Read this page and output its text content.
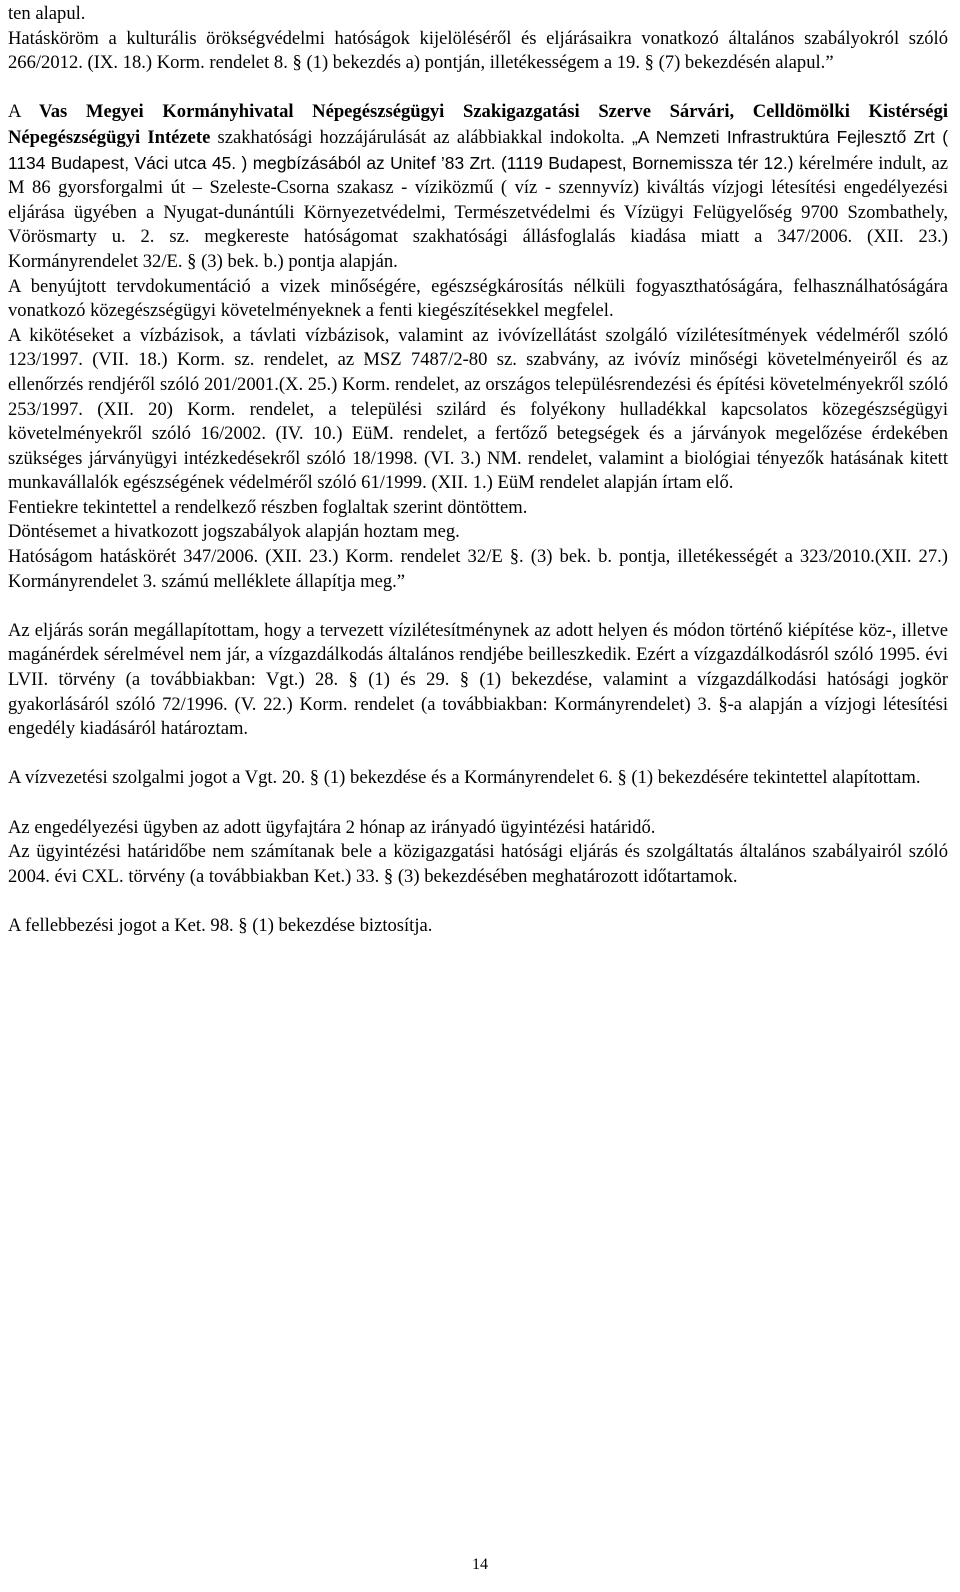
ten alapul.

Hatásköröm a kulturális örökségvédelmi hatóságok kijelöléséről és eljárásaikra vonatkozó általános szabályokról szóló 266/2012. (IX. 18.) Korm. rendelet 8. § (1) bekezdés a) pontján, illetékességem a 19. § (7) bekezdésén alapul.”

A Vas Megyei Kormányhivatal Népegészségügyi Szakigazgatási Szerve Sárvári, Celldömölki Kistérségi Népegészségügyi Intézete szakhatósági hozzájárulását az alábbiakkal indokolta. „A Nemzeti Infrastruktúra Fejlesztő Zrt ( 1134 Budapest, Váci utca 45. ) megbízásából az Unitef ’83 Zrt. (1119 Budapest, Bornemissza tér 12.) kérelmére indult, az M 86 gyorsforgalmi út – Szeleste-Csorna szakasz - víziközmű ( víz - szennyvíz) kiváltás vízjogi létesítési engedélyezési eljárása ügyében a Nyugat-dunántúli Környezetvédelmi, Természetvédelmi és Vízügyi Felügyelőség 9700 Szombathely, Vörösmarty u. 2. sz. megkereste hatóságomat szakhatósági állásfoglalás kiadása miatt a 347/2006. (XII. 23.) Kormányrendelet 32/E. § (3) bek. b.) pontja alapján.

A benyújtott tervdokumentáció a vizek minőségére, egészségkárosítás nélküli fogyaszthatóságára, felhasználhatóságára vonatkozó közegészségügyi követelményeknek a fenti kiegészítésekkel megfelel.

A kikötéseket a vízbázisok, a távlati vízbázisok, valamint az ivóvízellátást szolgáló vízilétesítmények védelméről szóló 123/1997. (VII. 18.) Korm. sz. rendelet, az MSZ 7487/2-80 sz. szabvány, az ivóvíz minőségi követelményeiről és az ellenőrzés rendjéről szóló 201/2001.(X. 25.) Korm. rendelet, az országos településrendezési és építési követelményekről szóló 253/1997. (XII. 20) Korm. rendelet, a települési szilárd és folyékony hulladékkal kapcsolatos közegészségügyi követelményekről szóló 16/2002. (IV. 10.) EüM. rendelet, a fertőző betegségek és a járványok megelőzése érdekében szükséges járványügyi intézkedésekről szóló 18/1998. (VI. 3.) NM. rendelet, valamint a biológiai tényezők hatásának kitett munkavállalók egészségének védelméről szóló 61/1999. (XII. 1.) EüM rendelet alapján írtam elő.

Fentiekre tekintettel a rendelkező részben foglaltak szerint döntöttem.

Döntésemet a hivatkozott jogszabályok alapján hoztam meg.

Hatóságom hatáskörét 347/2006. (XII. 23.) Korm. rendelet 32/E §. (3) bek. b. pontja, illetékességét a 323/2010.(XII. 27.) Kormányrendelet 3. számú melléklete állapítja meg.”

Az eljárás során megállapítottam, hogy a tervezett vízilétesítménynek az adott helyen és módon történő kiépítése köz-, illetve magánérdek sérelmével nem jár, a vízgazdálkodás általános rendjébe beilleszkedik. Ezért a vízgazdálkodásról szóló 1995. évi LVII. törvény (a továbbiakban: Vgt.) 28. § (1) és 29. § (1) bekezdése, valamint a vízgazdálkodási hatósági jogkör gyakorlásáról szóló 72/1996. (V. 22.) Korm. rendelet (a továbbiakban: Kormányrendelet) 3. §-a alapján a vízjogi létesítési engedély kiadásáról határoztam.

A vízvezetési szolgalmi jogot a Vgt. 20. § (1) bekezdése és a Kormányrendelet 6. § (1) bekezdésére tekintettel alapítottam.

Az engedélyezési ügyben az adott ügyfajtára 2 hónap az irányadó ügyintézési határidő.

Az ügyintézési határidőbe nem számítanak bele a közigazgatási hatósági eljárás és szolgáltatás általános szabályairól szóló 2004. évi CXL. törvény (a továbbiakban Ket.) 33. § (3) bekezdésében meghatározott időtartamok.

A fellebbezési jogot a Ket. 98. § (1) bekezdése biztosítja.

14
